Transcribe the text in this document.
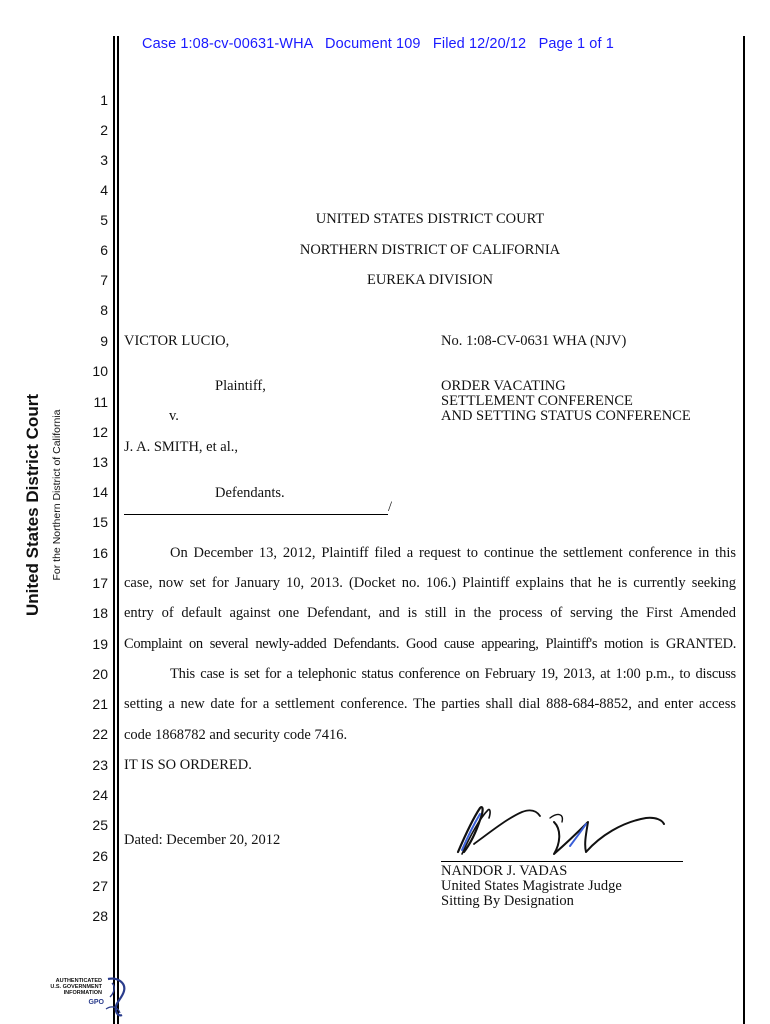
Case 1:08-cv-00631-WHA   Document 109   Filed 12/20/12   Page 1 of 1
United States District Court For the Northern District of California
1
2
3
4
5
6
7
8
9
10
11
12
13
14
15
16
17
18
19
20
21
22
23
24
25
26
27
28
UNITED STATES DISTRICT COURT
NORTHERN DISTRICT OF CALIFORNIA
EUREKA DIVISION
VICTOR LUCIO,	No. 1:08-CV-0631 WHA (NJV)
Plaintiff,	ORDER VACATING
SETTLEMENT CONFERENCE
AND SETTING STATUS CONFERENCE
v.
J. A. SMITH, et al.,
Defendants.
/
On December 13, 2012, Plaintiff filed a request to continue the settlement conference in this
case, now set for January 10, 2013. (Docket no. 106.) Plaintiff explains that he is currently seeking
entry of default against one Defendant, and is still in the process of serving the First Amended
Complaint on several newly-added Defendants. Good cause appearing, Plaintiff's motion is GRANTED.
This case is set for a telephonic status conference on February 19, 2013, at 1:00 p.m., to discuss
setting a new date for a settlement conference. The parties shall dial 888-684-8852, and enter access
code 1868782 and security code 7416.
IT IS SO ORDERED.
Dated: December 20, 2012
NANDOR J. VADAS
United States Magistrate Judge
Sitting By Designation
AUTHENTICATED
U.S. GOVERNMENT
INFORMATION
GPO
